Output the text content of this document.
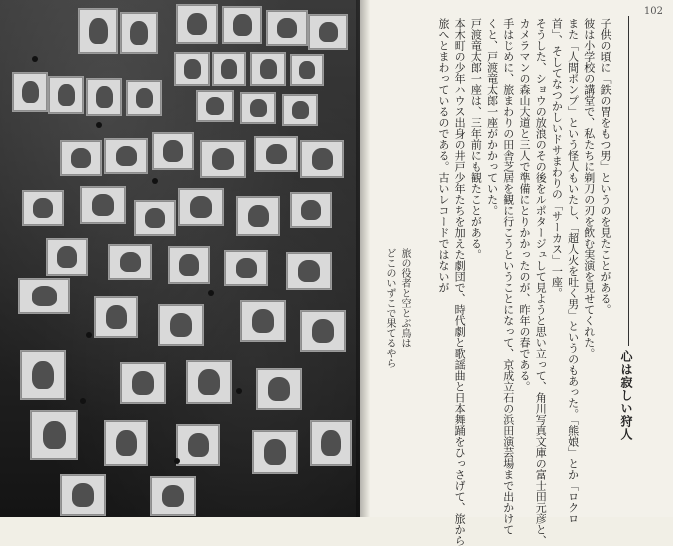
102
心は寂しい狩人
子供の頃に「鉄の胃をもつ男」というのを見たことがある。
彼は小学校の講堂で、私たちに剃刀の刃を飲む実演を見せてくれた。
また「人間ポンプ」という怪人もいたし、「超人火を吐く男」というのもあった。「熊娘」とか「ロクロ
首」、そしてなつかしいドサまわりの「サーカス」一座。
そうした、ショウの放浪のその後をルポタージュして見ようと思い立って、角川写真文庫の富士田元彦と、
カメラマンの森山大道と三人で準備にとりかかったのが、昨年の春である。
手はじめに、旅まわりの田舎芝居を観に行こうということになって、京成立石の浜田演芸場まで出かけて
くと、戸渡竜太郎一座がかかっていた。
戸渡竜太郎一座は、三年前にも観たことがある。
本木町の少年ハウス出身の井戸少年たちを加えた劇団で、時代劇と歌謡曲と日本舞踊をひっさげて、旅から
旅へとまわっているのである。古いレコードではないが
旅の役者と空とぶ鳥は
どこのいずこで果てるやら
